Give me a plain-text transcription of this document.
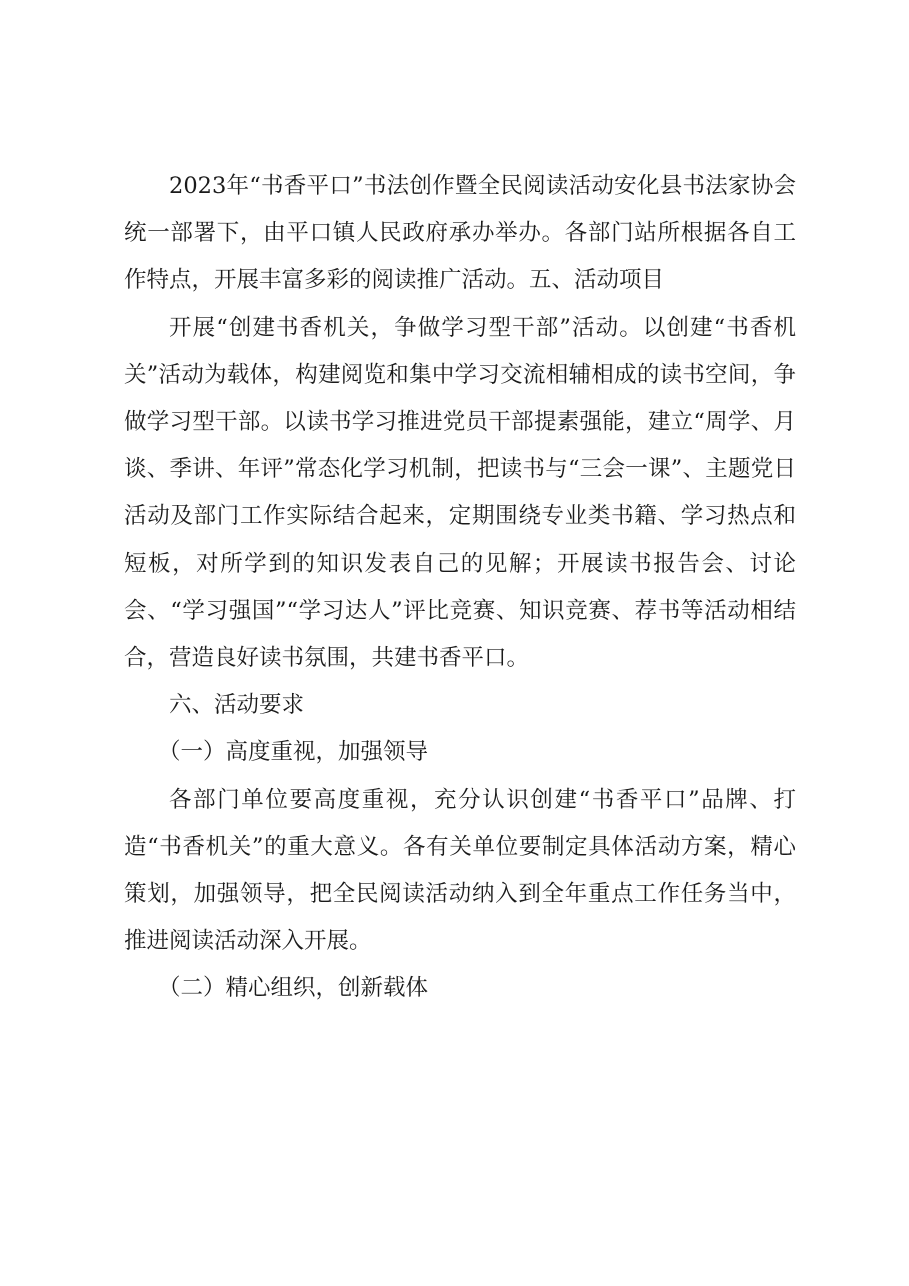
2023年“书香平口”书法创作暨全民阅读活动安化县书法家协会统一部署下，由平口镇人民政府承办举办。各部门站所根据各自工作特点，开展丰富多彩的阅读推广活动。五、活动项目

开展“创建书香机关，争做学习型干部”活动。以创建“书香机关”活动为载体，构建阅览和集中学习交流相辅相成的读书空间，争做学习型干部。以读书学习推进党员干部提素强能，建立“周学、月谈、季讲、年评”常态化学习机制，把读书与“三会一课”、主题党日活动及部门工作实际结合起来，定期围绕专业类书籍、学习热点和短板，对所学到的知识发表自己的见解；开展读书报告会、讨论会、“学习强国”“学习达人”评比竞赛、知识竞赛、荐书等活动相结合，营造良好读书氛围，共建书香平口。

六、活动要求

（一）高度重视，加强领导

各部门单位要高度重视，充分认识创建“书香平口”品牌、打造“书香机关”的重大意义。各有关单位要制定具体活动方案，精心策划，加强领导，把全民阅读活动纳入到全年重点工作任务当中，推进阅读活动深入开展。

（二）精心组织，创新载体
